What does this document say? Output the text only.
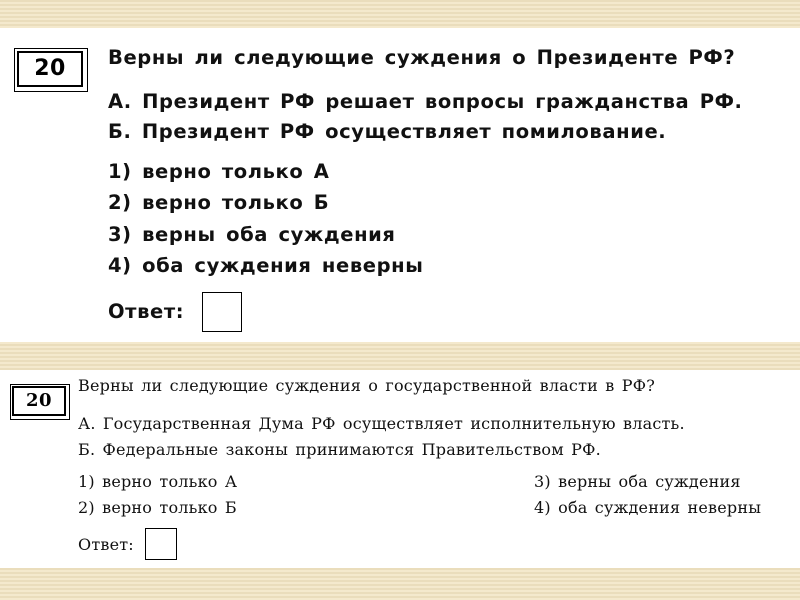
20	Верны ли следующие суждения о Президенте РФ?
А. Президент РФ решает вопросы гражданства РФ.
Б. Президент РФ осуществляет помилование.
1) верно только А
2) верно только Б
3) верны оба суждения
4) оба суждения неверны
Ответ:
20
Верны ли следующие суждения о государственной власти в РФ?
А. Государственная Дума РФ осуществляет исполнительную власть.
Б. Федеральные законы принимаются Правительством РФ.
1) верно только А
2) верно только Б
3) верны оба суждения
4) оба суждения неверны
Ответ:
